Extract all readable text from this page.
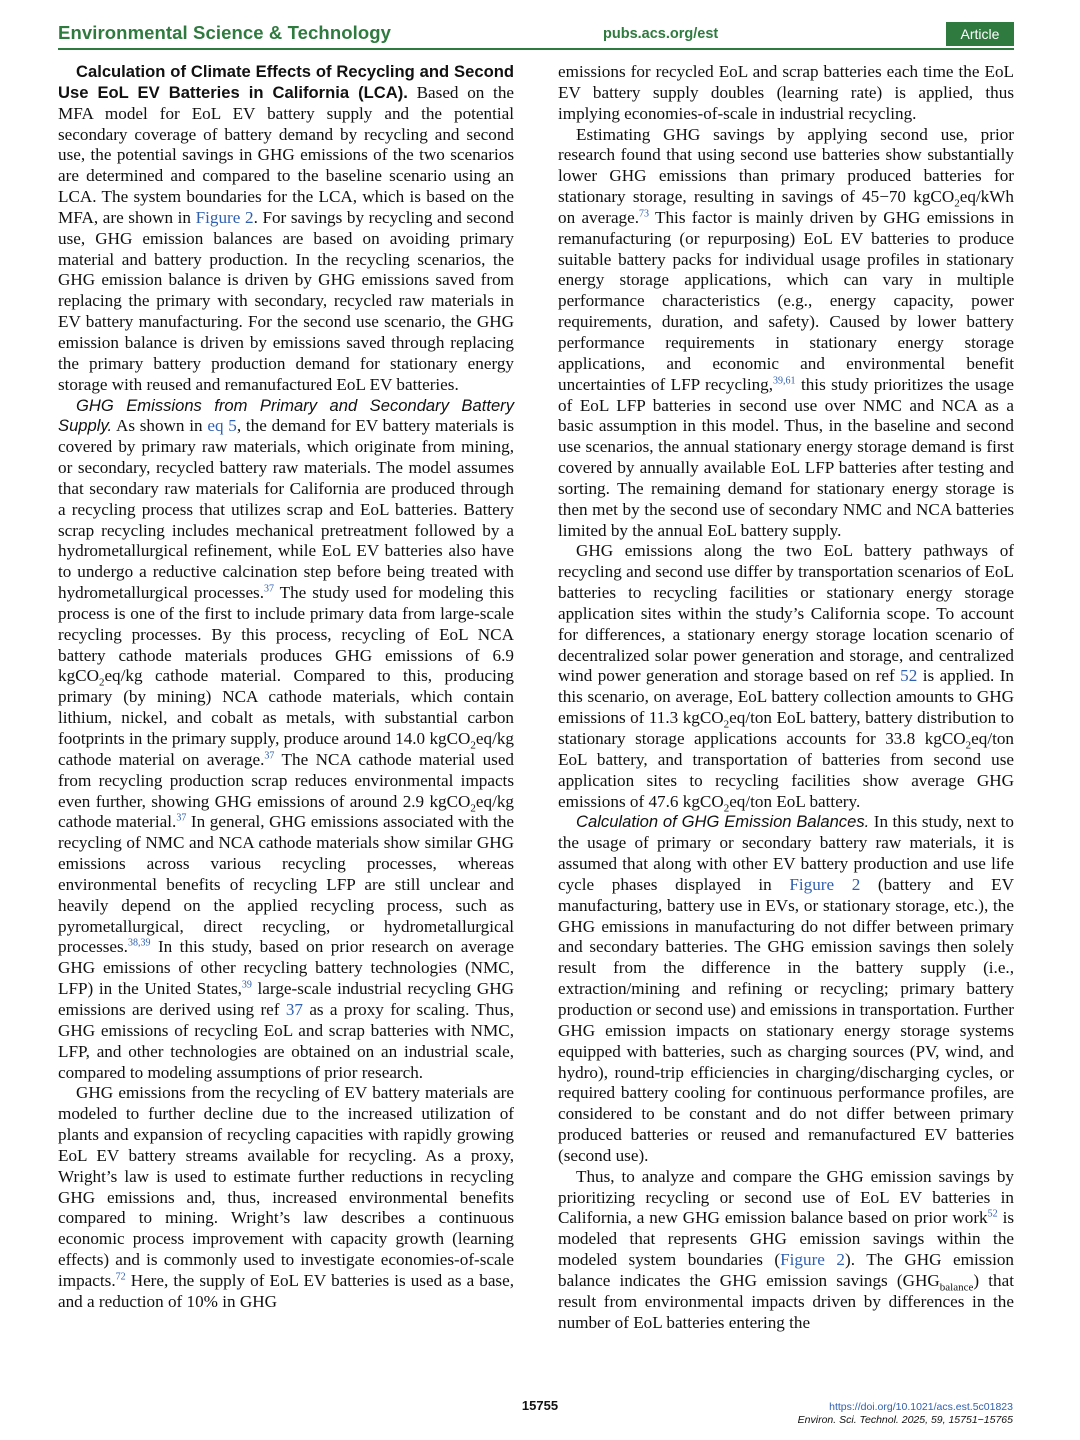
Environmental Science & Technology	pubs.acs.org/est	Article

Calculation of Climate Effects of Recycling and Second Use EoL EV Batteries in California (LCA). Based on the MFA model for EoL EV battery supply and the potential secondary coverage of battery demand by recycling and second use, the potential savings in GHG emissions of the two scenarios are determined and compared to the baseline scenario using an LCA. The system boundaries for the LCA, which is based on the MFA, are shown in Figure 2. For savings by recycling and second use, GHG emission balances are based on avoiding primary material and battery production. In the recycling scenarios, the GHG emission balance is driven by GHG emissions saved from replacing the primary with secondary, recycled raw materials in EV battery manufacturing. For the second use scenario, the GHG emission balance is driven by emissions saved through replacing the primary battery production demand for stationary energy storage with reused and remanufactured EoL EV batteries.

GHG Emissions from Primary and Secondary Battery Supply. As shown in eq 5, the demand for EV battery materials is covered by primary raw materials, which originate from mining, or secondary, recycled battery raw materials. The model assumes that secondary raw materials for California are produced through a recycling process that utilizes scrap and EoL batteries. Battery scrap recycling includes mechanical pretreatment followed by a hydrometallurgical refinement, while EoL EV batteries also have to undergo a reductive calcination step before being treated with hydrometallurgical processes.$^{37}$ The study used for modeling this process is one of the first to include primary data from large-scale recycling processes. By this process, recycling of EoL NCA battery cathode materials produces GHG emissions of 6.9 kgCO$_2$eq/kg cathode material. Compared to this, producing primary (by mining) NCA cathode materials, which contain lithium, nickel, and cobalt as metals, with substantial carbon footprints in the primary supply, produce around 14.0 kgCO$_2$eq/kg cathode material on average.$^{37}$ The NCA cathode material used from recycling production scrap reduces environmental impacts even further, showing GHG emissions of around 2.9 kgCO$_2$eq/kg cathode material.$^{37}$ In general, GHG emissions associated with the recycling of NMC and NCA cathode materials show similar GHG emissions across various recycling processes, whereas environmental benefits of recycling LFP are still unclear and heavily depend on the applied recycling process, such as pyrometallurgical, direct recycling, or hydrometallurgical processes.$^{38,39}$ In this study, based on prior research on average GHG emissions of other recycling battery technologies (NMC, LFP) in the United States,$^{39}$ large-scale industrial recycling GHG emissions are derived using ref 37 as a proxy for scaling. Thus, GHG emissions of recycling EoL and scrap batteries with NMC, LFP, and other technologies are obtained on an industrial scale, compared to modeling assumptions of prior research.

GHG emissions from the recycling of EV battery materials are modeled to further decline due to the increased utilization of plants and expansion of recycling capacities with rapidly growing EoL EV battery streams available for recycling. As a proxy, Wright’s law is used to estimate further reductions in recycling GHG emissions and, thus, increased environmental benefits compared to mining. Wright’s law describes a continuous economic process improvement with capacity growth (learning effects) and is commonly used to investigate economies-of-scale impacts.$^{72}$ Here, the supply of EoL EV batteries is used as a base, and a reduction of 10% in GHG

emissions for recycled EoL and scrap batteries each time the EoL EV battery supply doubles (learning rate) is applied, thus implying economies-of-scale in industrial recycling.

Estimating GHG savings by applying second use, prior research found that using second use batteries show substantially lower GHG emissions than primary produced batteries for stationary storage, resulting in savings of 45−70 kgCO$_2$eq/kWh on average.$^{73}$ This factor is mainly driven by GHG emissions in remanufacturing (or repurposing) EoL EV batteries to produce suitable battery packs for individual usage profiles in stationary energy storage applications, which can vary in multiple performance characteristics (e.g., energy capacity, power requirements, duration, and safety). Caused by lower battery performance requirements in stationary energy storage applications, and economic and environmental benefit uncertainties of LFP recycling,$^{39,61}$ this study prioritizes the usage of EoL LFP batteries in second use over NMC and NCA as a basic assumption in this model. Thus, in the baseline and second use scenarios, the annual stationary energy storage demand is first covered by annually available EoL LFP batteries after testing and sorting. The remaining demand for stationary energy storage is then met by the second use of secondary NMC and NCA batteries limited by the annual EoL battery supply.

GHG emissions along the two EoL battery pathways of recycling and second use differ by transportation scenarios of EoL batteries to recycling facilities or stationary energy storage application sites within the study’s California scope. To account for differences, a stationary energy storage location scenario of decentralized solar power generation and storage, and centralized wind power generation and storage based on ref 52 is applied. In this scenario, on average, EoL battery collection amounts to GHG emissions of 11.3 kgCO$_2$eq/ton EoL battery, battery distribution to stationary storage applications accounts for 33.8 kgCO$_2$eq/ton EoL battery, and transportation of batteries from second use application sites to recycling facilities show average GHG emissions of 47.6 kgCO$_2$eq/ton EoL battery.

Calculation of GHG Emission Balances. In this study, next to the usage of primary or secondary battery raw materials, it is assumed that along with other EV battery production and use life cycle phases displayed in Figure 2 (battery and EV manufacturing, battery use in EVs, or stationary storage, etc.), the GHG emissions in manufacturing do not differ between primary and secondary batteries. The GHG emission savings then solely result from the difference in the battery supply (i.e., extraction/mining and refining or recycling; primary battery production or second use) and emissions in transportation. Further GHG emission impacts on stationary energy storage systems equipped with batteries, such as charging sources (PV, wind, and hydro), round-trip efficiencies in charging/discharging cycles, or required battery cooling for continuous performance profiles, are considered to be constant and do not differ between primary produced batteries or reused and remanufactured EV batteries (second use).

Thus, to analyze and compare the GHG emission savings by prioritizing recycling or second use of EoL EV batteries in California, a new GHG emission balance based on prior work$^{52}$ is modeled that represents GHG emission savings within the modeled system boundaries (Figure 2). The GHG emission balance indicates the GHG emission savings $(GHG_{balance})$ that result from environmental impacts driven by differences in the number of EoL batteries entering the

15755	https://doi.org/10.1021/acs.est.5c01823
Environ. Sci. Technol. 2025, 59, 15751−15765
